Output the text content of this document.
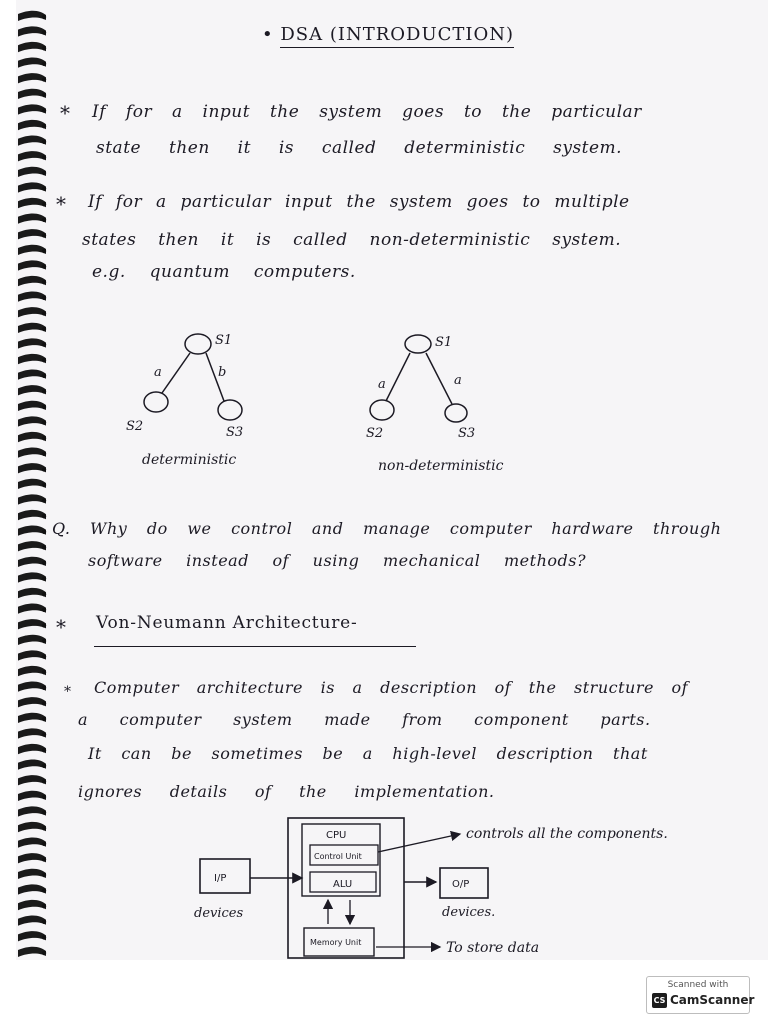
• DSA (INTRODUCTION)
* If for a input the system goes to the particular
state then it is called deterministic system.
* If for a particular input the system goes to multiple
states then it is called non-deterministic system.
e.g. quantum computers.
S1
S2	S3
a	b
deterministic
S1
S2	S3
a	a
non-deterministic
Q. Why do we control and manage computer hardware through
software instead of using mechanical methods?
* Von-Neumann Architecture-
* Computer architecture is a description of the structure of
a computer system made from component parts.
It can be sometimes be a high-level description that
ignores details of the implementation.
I/P
devices
CPU
Control Unit
ALU
Memory Unit
O/P
devices.
controls all the components.
To store data
Scanned with
CS CamScanner
